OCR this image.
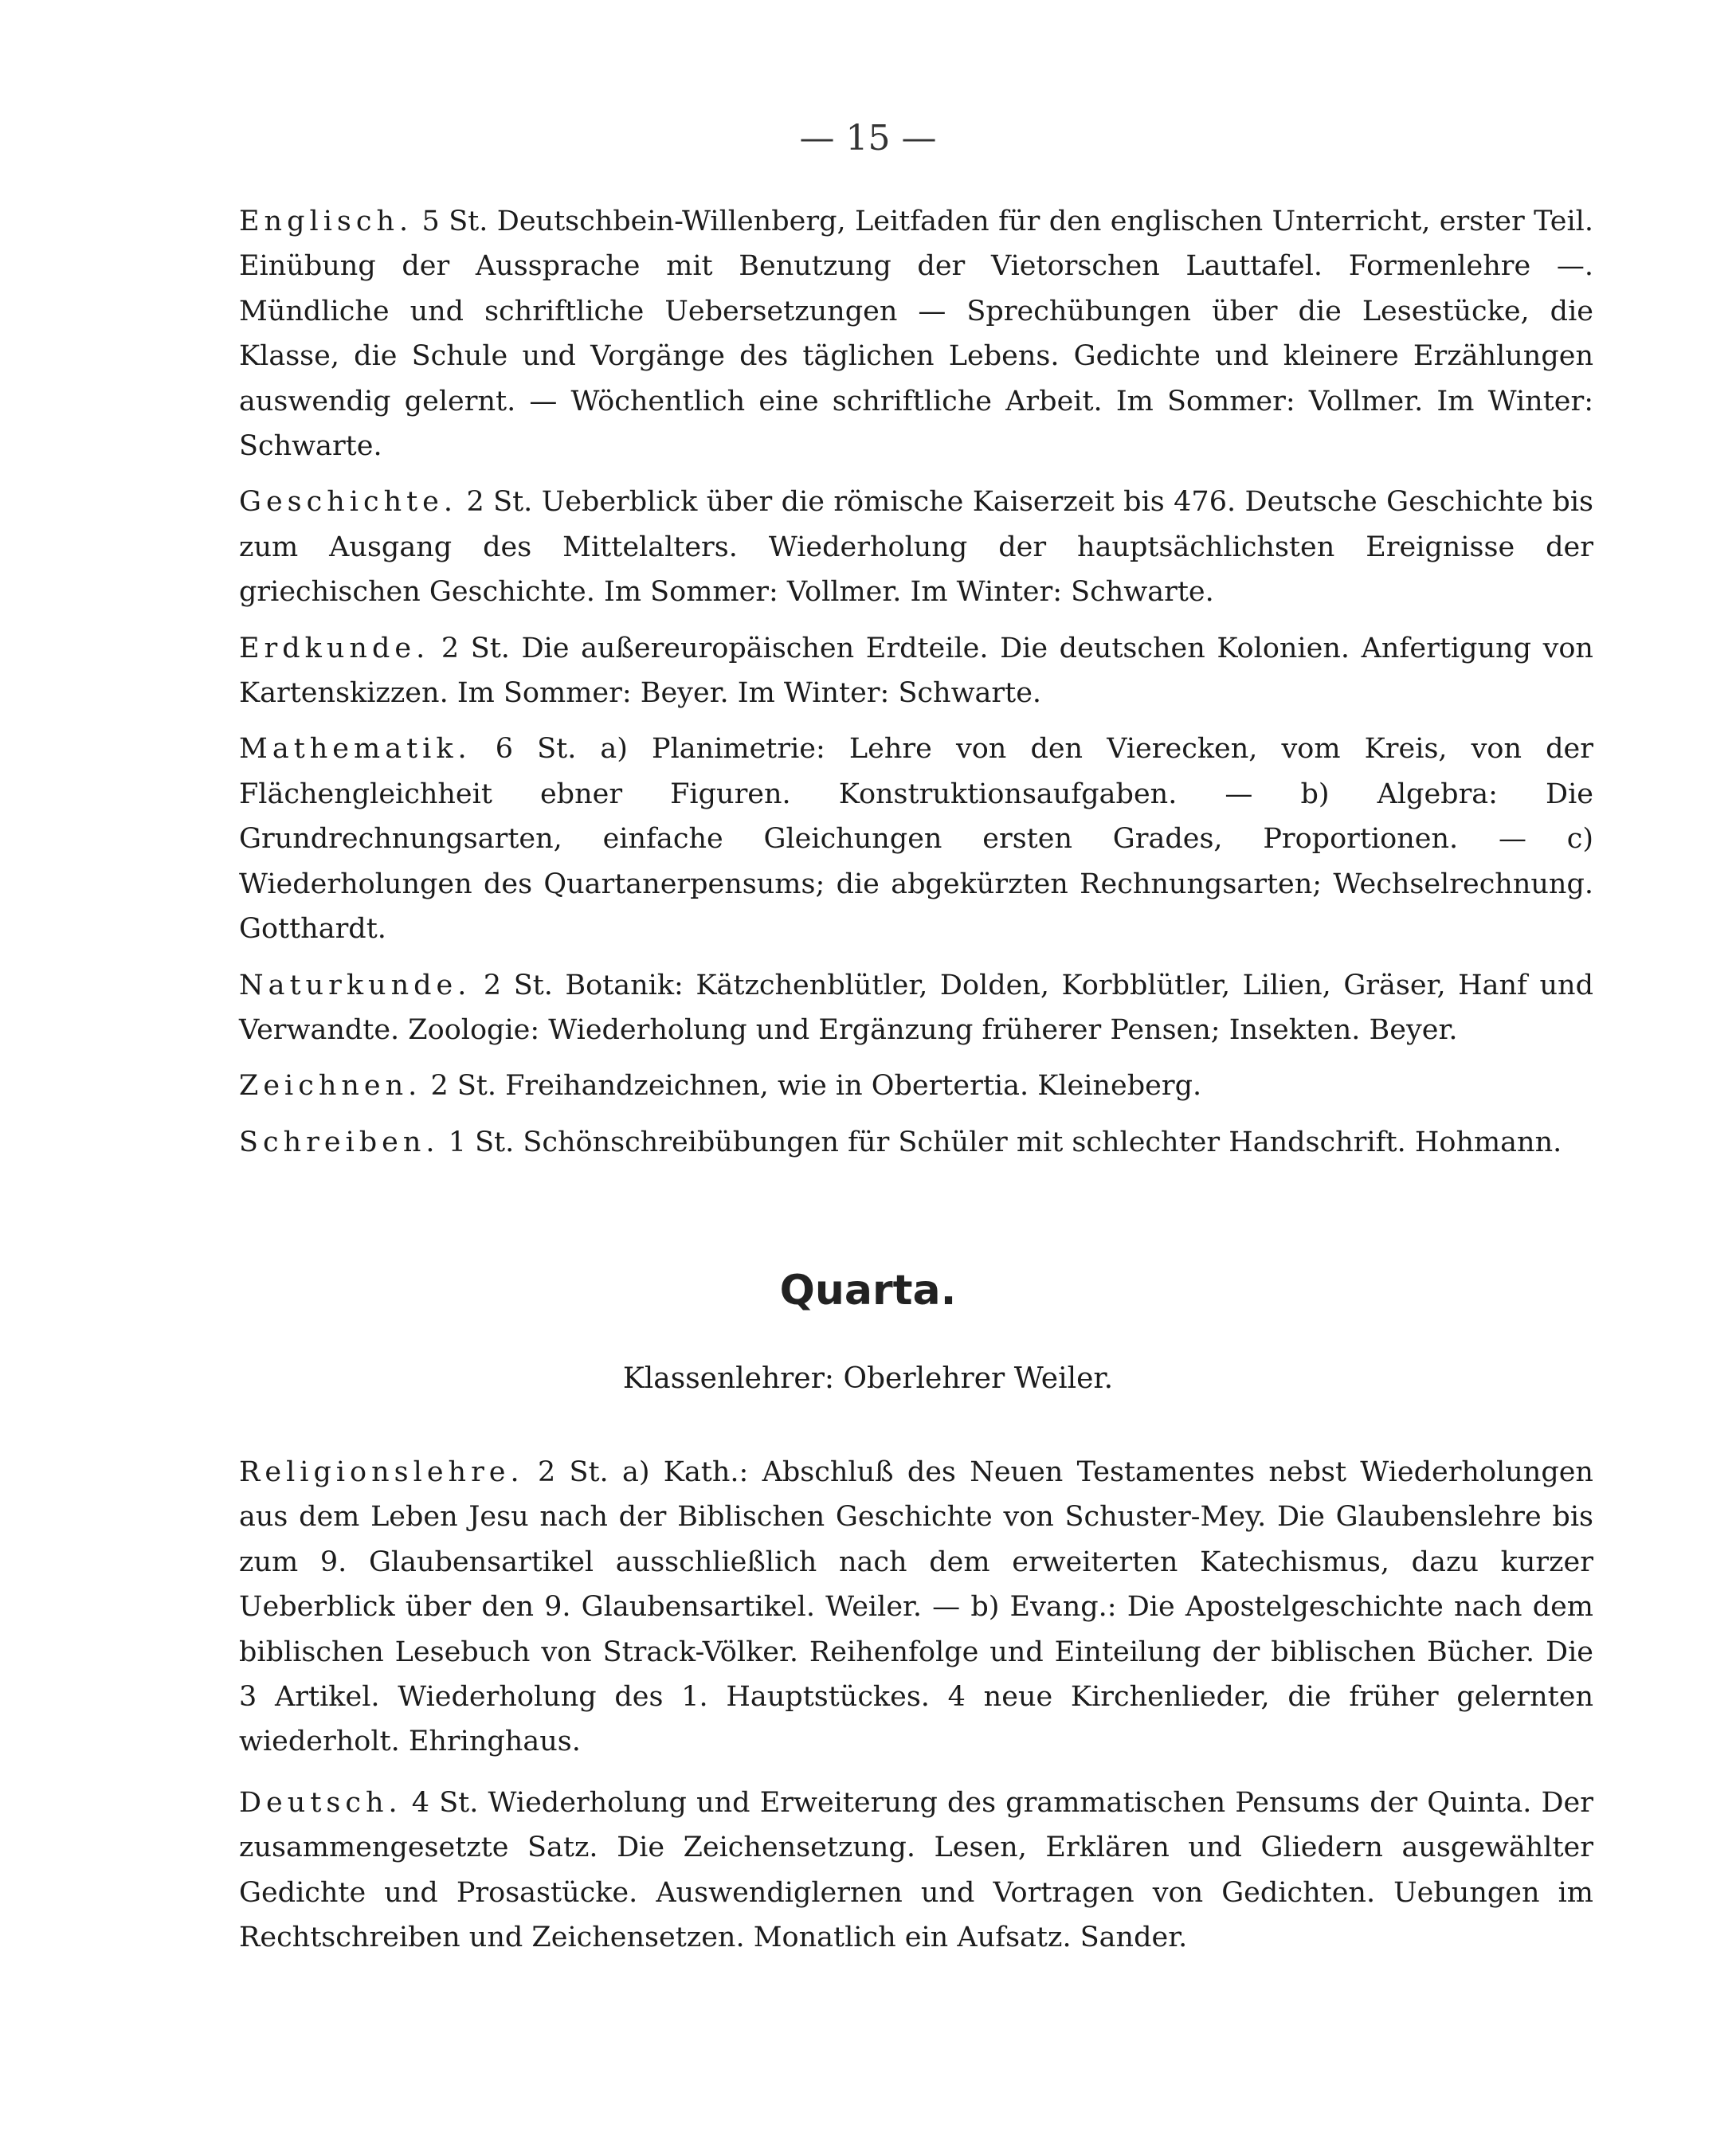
— 15 —

Englisch. 5 St. Deutschbein-Willenberg, Leitfaden für den englischen Unterricht, erster Teil. Einübung der Aussprache mit Benutzung der Vietorschen Lauttafel. Formenlehre —. Mündliche und schriftliche Uebersetzungen — Sprechübungen über die Lesestücke, die Klasse, die Schule und Vorgänge des täglichen Lebens. Gedichte und kleinere Erzählungen auswendig gelernt. — Wöchentlich eine schriftliche Arbeit. Im Sommer: Vollmer. Im Winter: Schwarte.

Geschichte. 2 St. Ueberblick über die römische Kaiserzeit bis 476. Deutsche Geschichte bis zum Ausgang des Mittelalters. Wiederholung der hauptsächlichsten Ereignisse der griechischen Geschichte. Im Sommer: Vollmer. Im Winter: Schwarte.

Erdkunde. 2 St. Die außereuropäischen Erdteile. Die deutschen Kolonien. Anfertigung von Kartenskizzen. Im Sommer: Beyer. Im Winter: Schwarte.

Mathematik. 6 St. a) Planimetrie: Lehre von den Vierecken, vom Kreis, von der Flächengleichheit ebner Figuren. Konstruktionsaufgaben. — b) Algebra: Die Grundrechnungsarten, einfache Gleichungen ersten Grades, Proportionen. — c) Wiederholungen des Quartanerpensums; die abgekürzten Rechnungsarten; Wechselrechnung. Gotthardt.

Naturkunde. 2 St. Botanik: Kätzchenblütler, Dolden, Korbblütler, Lilien, Gräser, Hanf und Verwandte. Zoologie: Wiederholung und Ergänzung früherer Pensen; Insekten. Beyer.

Zeichnen. 2 St. Freihandzeichnen, wie in Obertertia. Kleineberg.

Schreiben. 1 St. Schönschreibübungen für Schüler mit schlechter Handschrift. Hohmann.

Quarta.
Klassenlehrer: Oberlehrer Weiler.

Religionslehre. 2 St. a) Kath.: Abschluß des Neuen Testamentes nebst Wiederholungen aus dem Leben Jesu nach der Biblischen Geschichte von Schuster-Mey. Die Glaubenslehre bis zum 9. Glaubensartikel ausschließlich nach dem erweiterten Katechismus, dazu kurzer Ueberblick über den 9. Glaubensartikel. Weiler. — b) Evang.: Die Apostelgeschichte nach dem biblischen Lesebuch von Strack-Völker. Reihenfolge und Einteilung der biblischen Bücher. Die 3 Artikel. Wiederholung des 1. Hauptstückes. 4 neue Kirchenlieder, die früher gelernten wiederholt. Ehringhaus.

Deutsch. 4 St. Wiederholung und Erweiterung des grammatischen Pensums der Quinta. Der zusammengesetzte Satz. Die Zeichensetzung. Lesen, Erklären und Gliedern ausgewählter Gedichte und Prosastücke. Auswendiglernen und Vortragen von Gedichten. Uebungen im Rechtschreiben und Zeichensetzen. Monatlich ein Aufsatz. Sander.
